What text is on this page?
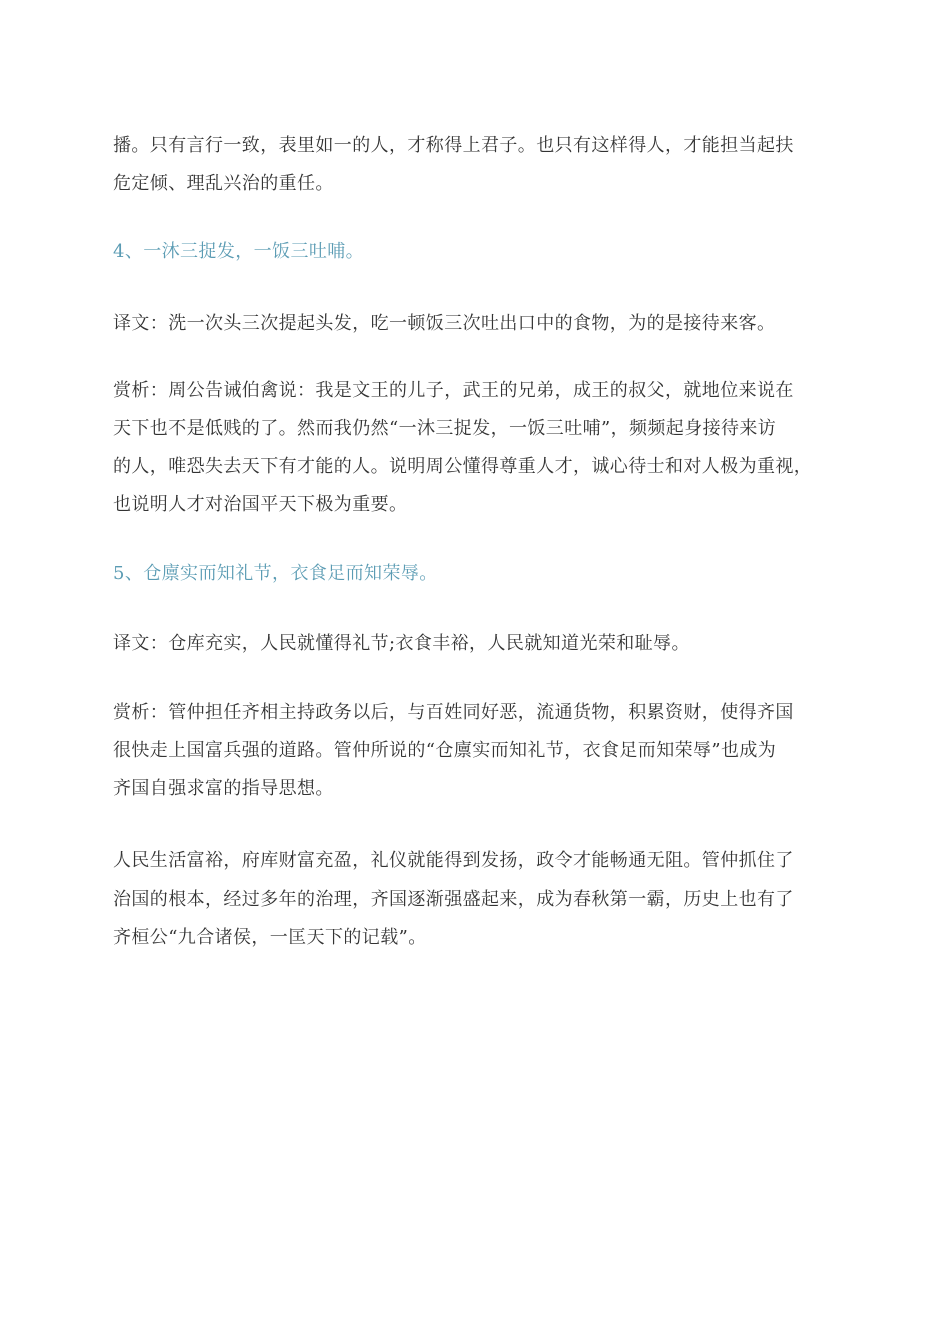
播。只有言行一致，表里如一的人，才称得上君子。也只有这样得人，才能担当起扶
危定倾、理乱兴治的重任。
4、一沐三捉发，一饭三吐哺。
译文：洗一次头三次提起头发，吃一顿饭三次吐出口中的食物，为的是接待来客。
赏析：周公告诫伯禽说：我是文王的儿子，武王的兄弟，成王的叔父，就地位来说在
天下也不是低贱的了。然而我仍然“一沐三捉发，一饭三吐哺”，频频起身接待来访
的人，唯恐失去天下有才能的人。说明周公懂得尊重人才，诚心待士和对人极为重视，
也说明人才对治国平天下极为重要。
5、仓廪实而知礼节，衣食足而知荣辱。
译文：仓库充实，人民就懂得礼节;衣食丰裕，人民就知道光荣和耻辱。
赏析：管仲担任齐相主持政务以后，与百姓同好恶，流通货物，积累资财，使得齐国
很快走上国富兵强的道路。管仲所说的“仓廪实而知礼节，衣食足而知荣辱”也成为
齐国自强求富的指导思想。
人民生活富裕，府库财富充盈，礼仪就能得到发扬，政令才能畅通无阻。管仲抓住了
治国的根本，经过多年的治理，齐国逐渐强盛起来，成为春秋第一霸，历史上也有了
齐桓公“九合诸侯，一匡天下的记载”。
